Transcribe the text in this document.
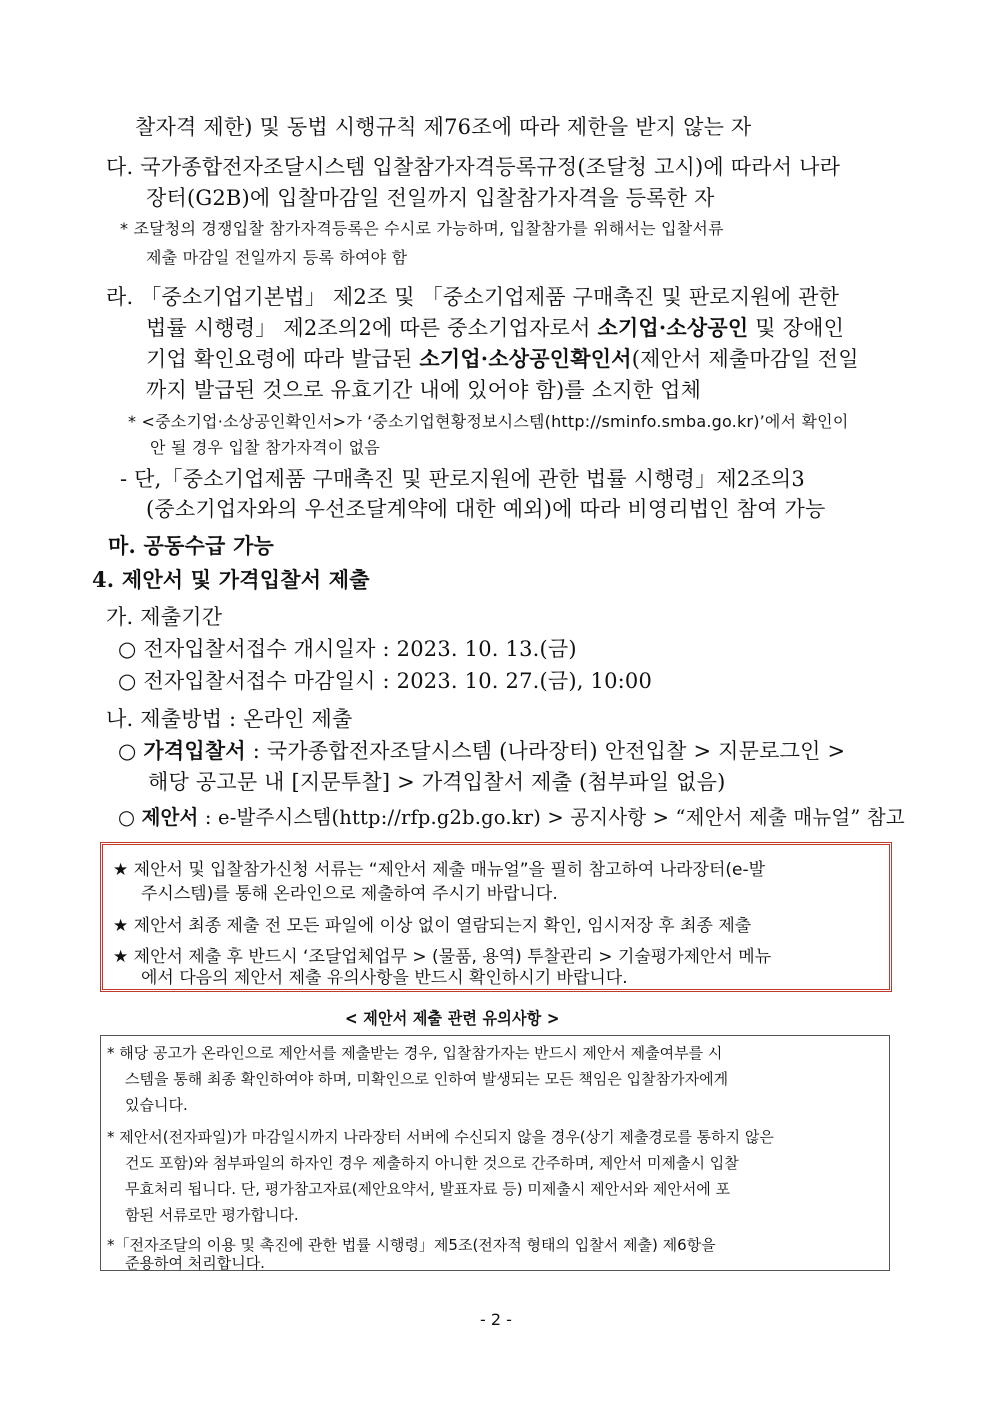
찰자격 제한) 및 동법 시행규칙 제76조에 따라 제한을 받지 않는 자
다. 국가종합전자조달시스템 입찰참가자격등록규정(조달청 고시)에 따라서 나라
장터(G2B)에 입찰마감일 전일까지 입찰참가자격을 등록한 자
* 조달청의 경쟁입찰 참가자격등록은 수시로 가능하며, 입찰참가를 위해서는 입찰서류
제출 마감일 전일까지 등록 하여야 함
라. 「중소기업기본법」 제2조 및 「중소기업제품 구매촉진 및 판로지원에 관한
법률 시행령」 제2조의2에 따른 중소기업자로서 소기업·소상공인 및 장애인
기업 확인요령에 따라 발급된 소기업·소상공인확인서(제안서 제출마감일 전일
까지 발급된 것으로 유효기간 내에 있어야 함)를 소지한 업체
* <중소기업·소상공인확인서>가 ‘중소기업현황정보시스템(http://sminfo.smba.go.kr)’에서 확인이
안 될 경우 입찰 참가자격이 없음
- 단,「중소기업제품 구매촉진 및 판로지원에 관한 법률 시행령」제2조의3
(중소기업자와의 우선조달계약에 대한 예외)에 따라 비영리법인 참여 가능
마. 공동수급 가능
4. 제안서 및 가격입찰서 제출
가. 제출기간
○ 전자입찰서접수 개시일자 : 2023. 10. 13.(금)
○ 전자입찰서접수 마감일시 : 2023. 10. 27.(금), 10:00
나. 제출방법 : 온라인 제출
○ 가격입찰서 : 국가종합전자조달시스템 (나라장터) 안전입찰 > 지문로그인 >
해당 공고문 내 [지문투찰] > 가격입찰서 제출 (첨부파일 없음)
○ 제안서 : e-발주시스템(http://rfp.g2b.go.kr) > 공지사항 > “제안서 제출 매뉴얼” 참고
★ 제안서 및 입찰참가신청 서류는 “제안서 제출 매뉴얼”을 필히 참고하여 나라장터(e-발
주시스템)를 통해 온라인으로 제출하여 주시기 바랍니다.
★ 제안서 최종 제출 전 모든 파일에 이상 없이 열람되는지 확인, 임시저장 후 최종 제출
★ 제안서 제출 후 반드시 ‘조달업체업무 > (물품, 용역) 투찰관리 > 기술평가제안서 메뉴
에서 다음의 제안서 제출 유의사항을 반드시 확인하시기 바랍니다.
< 제안서 제출 관련 유의사항 >
* 해당 공고가 온라인으로 제안서를 제출받는 경우, 입찰참가자는 반드시 제안서 제출여부를 시
스템을 통해 최종 확인하여야 하며, 미확인으로 인하여 발생되는 모든 책임은 입찰참가자에게
있습니다.
* 제안서(전자파일)가 마감일시까지 나라장터 서버에 수신되지 않을 경우(상기 제출경로를 통하지 않은
건도 포함)와 첨부파일의 하자인 경우 제출하지 아니한 것으로 간주하며, 제안서 미제출시 입찰
무효처리 됩니다. 단, 평가참고자료(제안요약서, 발표자료 등) 미제출시 제안서와 제안서에 포
함된 서류로만 평가합니다.
*「전자조달의 이용 및 촉진에 관한 법률 시행령」제5조(전자적 형태의 입찰서 제출) 제6항을
준용하여 처리합니다.
- 2 -
